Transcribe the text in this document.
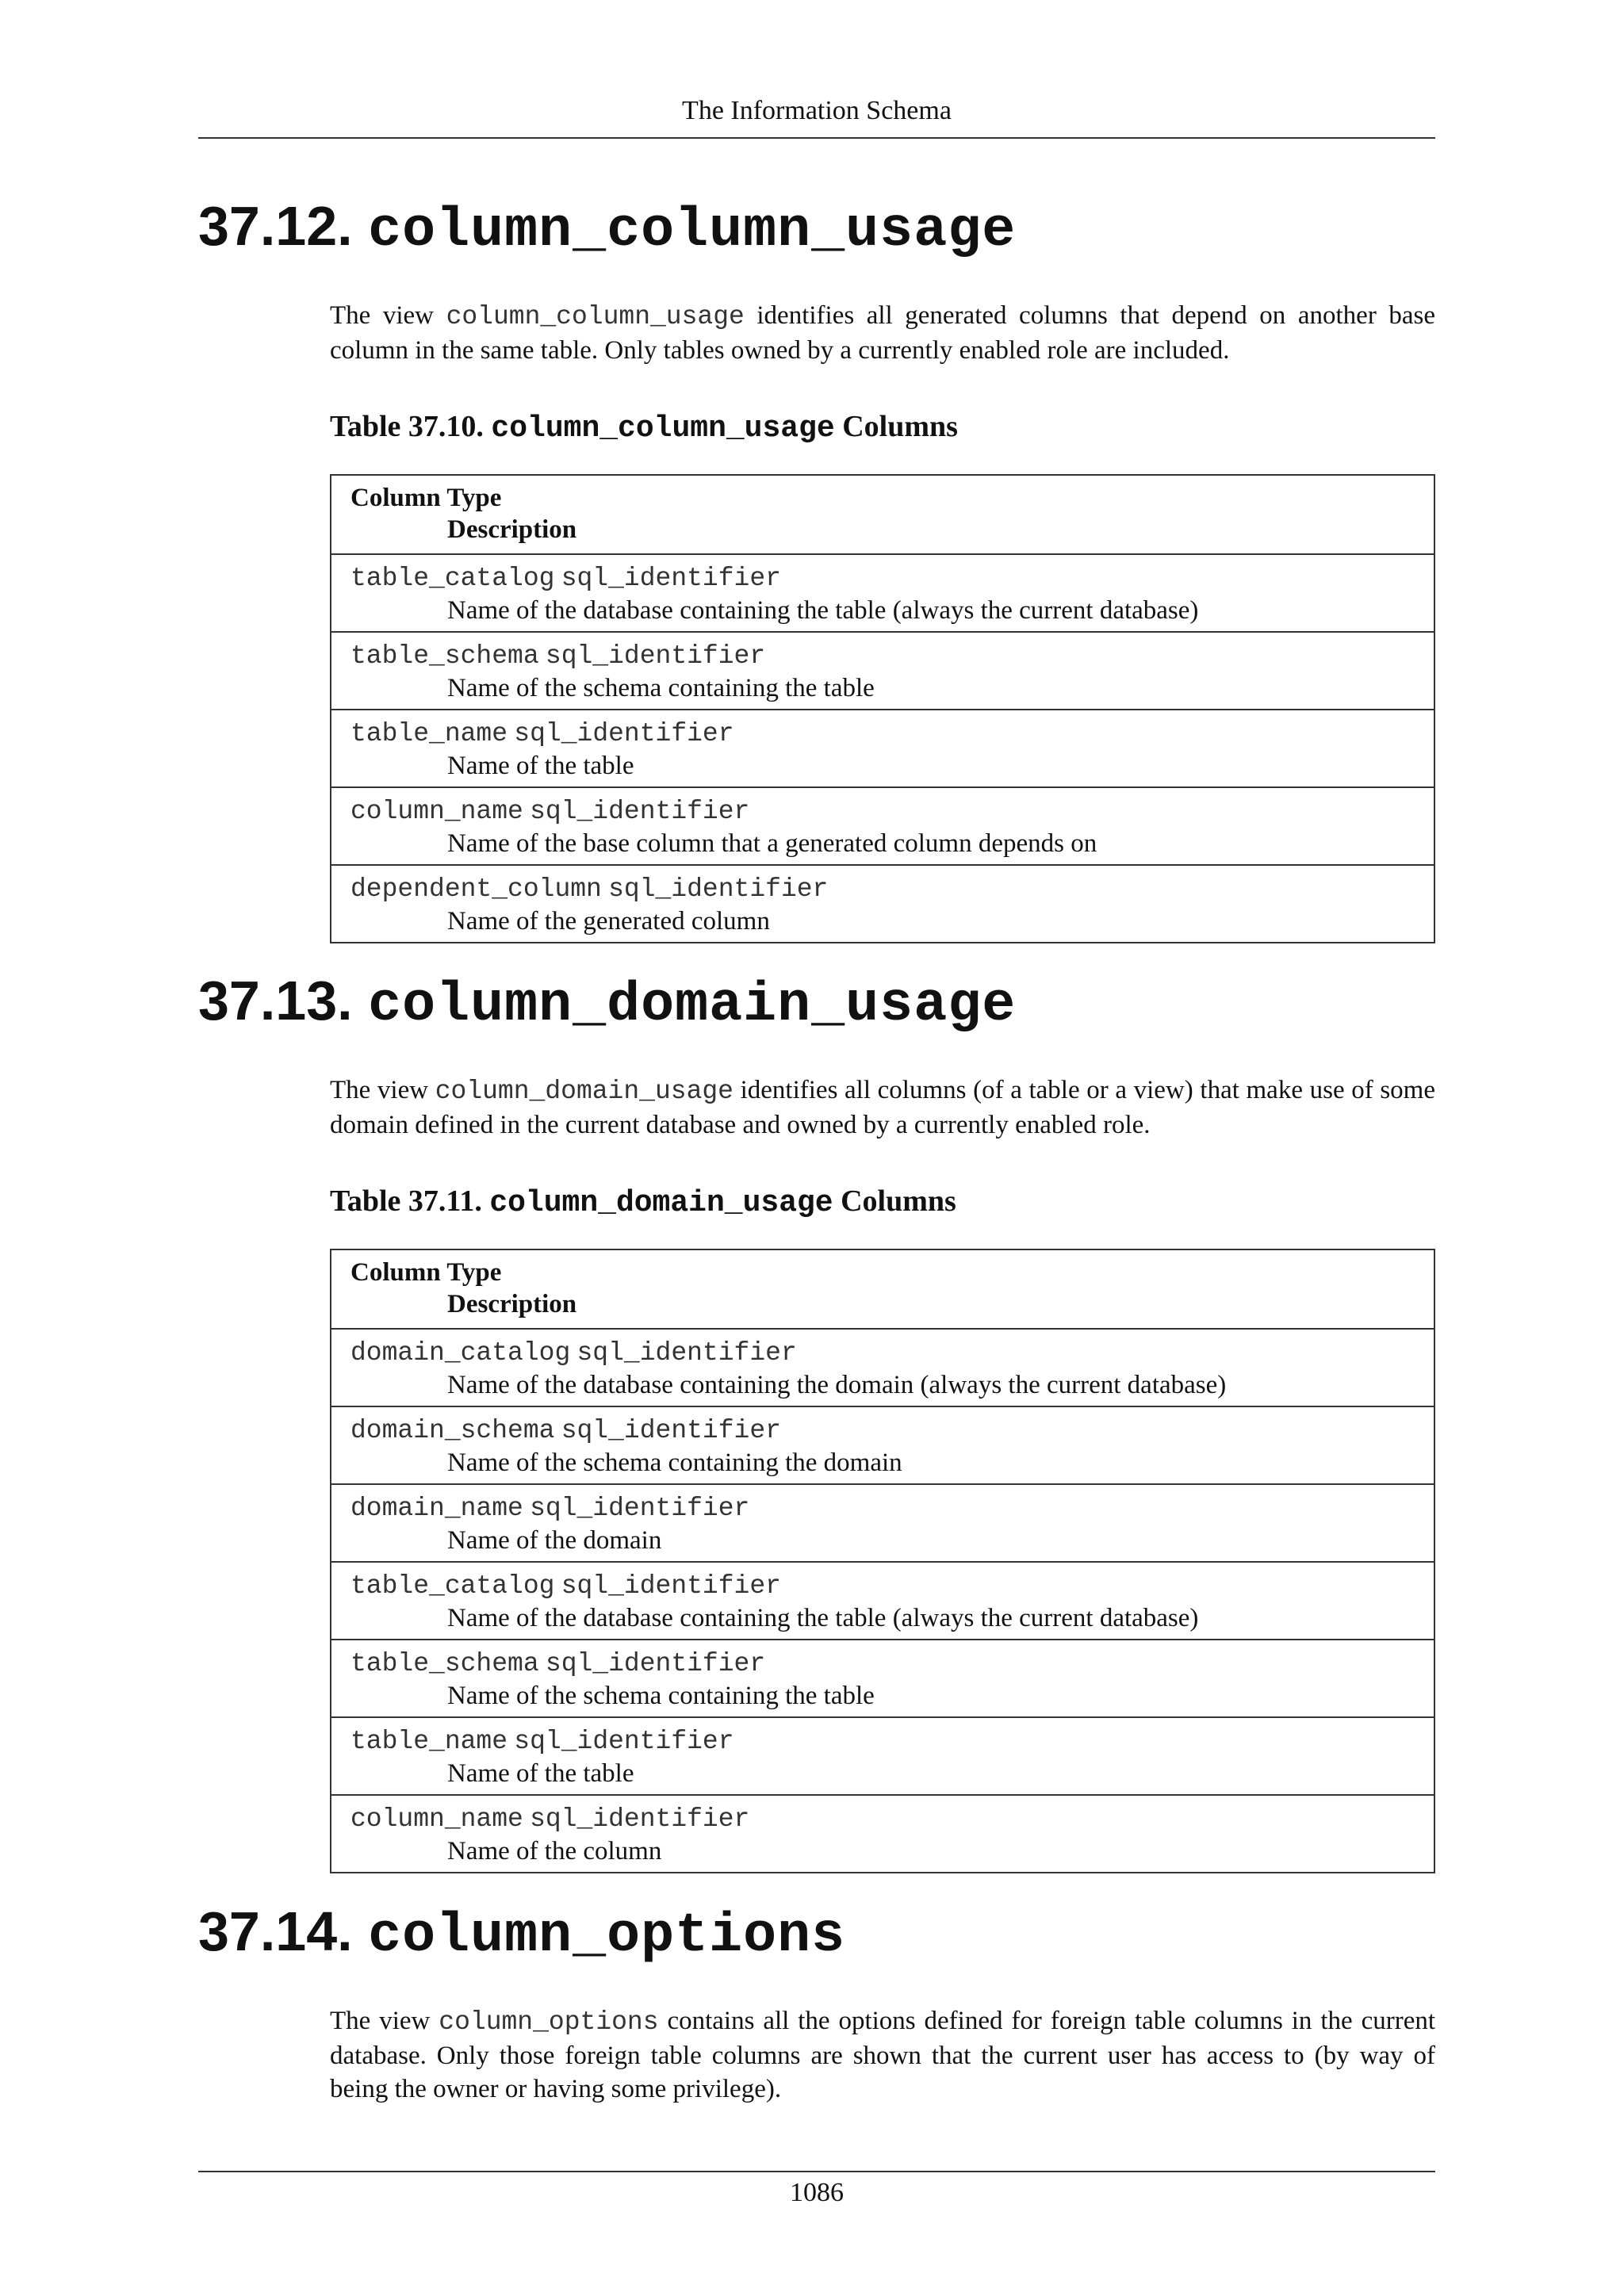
The Information Schema
37.12. column_column_usage

The view column_column_usage identifies all generated columns that depend on another base column in the same table. Only tables owned by a currently enabled role are included.

Table 37.10. column_column_usage Columns

Column Type
Description
table_catalog sql_identifier
Name of the database containing the table (always the current database)
table_schema sql_identifier
Name of the schema containing the table
table_name sql_identifier
Name of the table
column_name sql_identifier
Name of the base column that a generated column depends on
dependent_column sql_identifier
Name of the generated column
37.13. column_domain_usage

The view column_domain_usage identifies all columns (of a table or a view) that make use of some domain defined in the current database and owned by a currently enabled role.

Table 37.11. column_domain_usage Columns

Column Type
Description
domain_catalog sql_identifier
Name of the database containing the domain (always the current database)
domain_schema sql_identifier
Name of the schema containing the domain
domain_name sql_identifier
Name of the domain
table_catalog sql_identifier
Name of the database containing the table (always the current database)
table_schema sql_identifier
Name of the schema containing the table
table_name sql_identifier
Name of the table
column_name sql_identifier
Name of the column
37.14. column_options

The view column_options contains all the options defined for foreign table columns in the current database. Only those foreign table columns are shown that the current user has access to (by way of being the owner or having some privilege).

1086
